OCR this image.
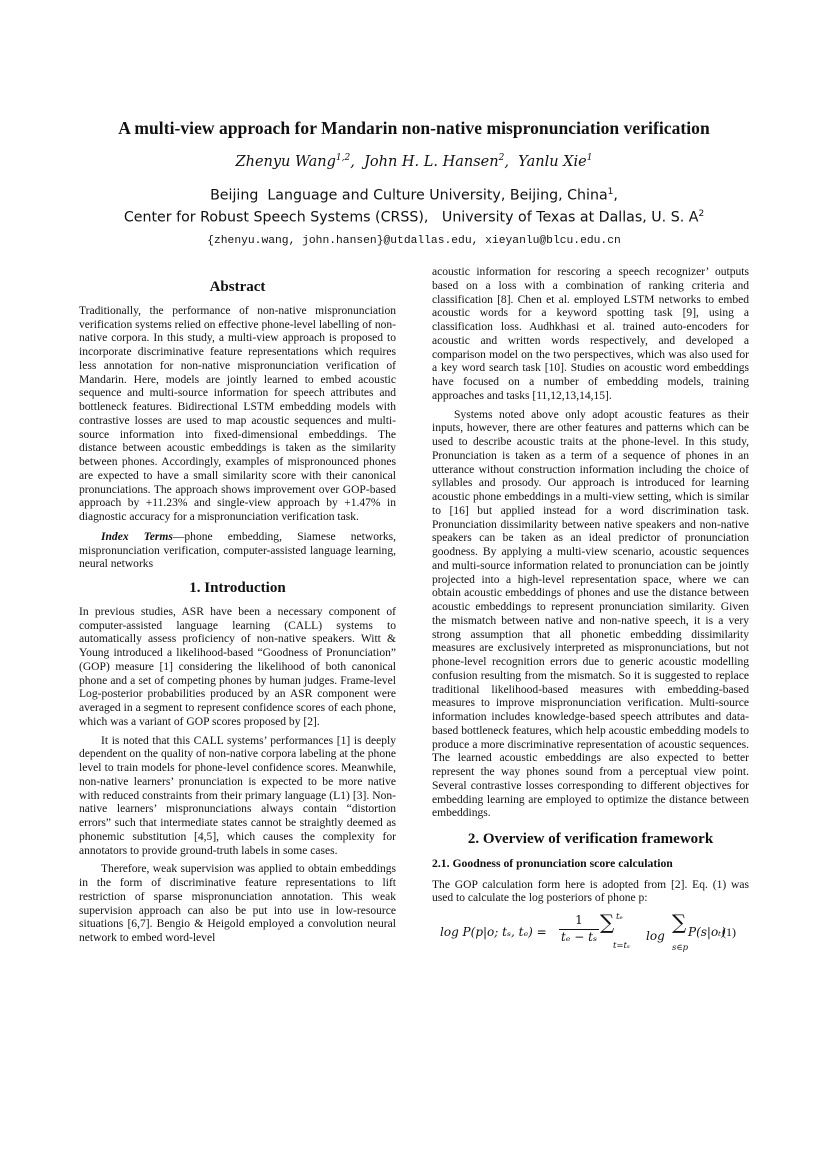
A multi-view approach for Mandarin non-native mispronunciation verification
Zhenyu Wang$^{1,2}$,  John H. L. Hansen$^2$,  Yanlu Xie$^1$
Beijing  Language and Culture University, Beijing, China$^1$,
Center for Robust Speech Systems (CRSS),   University of Texas at Dallas, U. S. $A^2$
{zhenyu.wang, john.hansen}@utdallas.edu, xieyanlu@blcu.edu.cn
Abstract

Traditionally, the performance of non-native mispronunciation verification systems relied on effective phone-level labelling of non-native corpora. In this study, a multi-view approach is proposed to incorporate discriminative feature representations which requires less annotation for non-native mispronunciation verification of Mandarin. Here, models are jointly learned to embed acoustic sequence and multi-source information for speech attributes and bottleneck features. Bidirectional LSTM embedding models with contrastive losses are used to map acoustic sequences and multi-source information into fixed-dimensional embeddings. The distance between acoustic embeddings is taken as the similarity between phones. Accordingly, examples of mispronounced phones are expected to have a small similarity score with their canonical pronunciations. The approach shows improvement over GOP-based approach by +11.23% and single-view approach by +1.47% in diagnostic accuracy for a mispronunciation verification task.

Index Terms—phone embedding, Siamese networks, mispronunciation verification, computer-assisted language learning, neural networks

1. Introduction

In previous studies, ASR have been a necessary component of computer-assisted language learning (CALL) systems to automatically assess proficiency of non-native speakers. Witt & Young introduced a likelihood-based “Goodness of Pronunciation” (GOP) measure [1] considering the likelihood of both canonical phone and a set of competing phones by human judges. Frame-level Log-posterior probabilities produced by an ASR component were averaged in a segment to represent confidence scores of each phone, which was a variant of GOP scores proposed by [2].

It is noted that this CALL systems’ performances [1] is deeply dependent on the quality of non-native corpora labeling at the phone level to train models for phone-level confidence scores. Meanwhile, non-native learners’ pronunciation is expected to be more native with reduced constraints from their primary language (L1) [3]. Non-native learners’ mispronunciations always contain “distortion errors” such that intermediate states cannot be straightly deemed as phonemic substitution [4,5], which causes the complexity for annotators to provide ground-truth labels in some cases.

Therefore, weak supervision was applied to obtain embeddings in the form of discriminative feature representations to lift restriction of sparse mispronunciation annotation. This weak supervision approach can also be put into use in low-resource situations [6,7]. Bengio & Heigold employed a convolution neural network to embed word-level

acoustic information for rescoring a speech recognizer’ outputs based on a loss with a combination of ranking criteria and classification [8]. Chen et al. employed LSTM networks to embed acoustic words for a keyword spotting task [9], using a classification loss. Audhkhasi et al. trained auto-encoders for acoustic and written words respectively, and developed a comparison model on the two perspectives, which was also used for a key word search task [10]. Studies on acoustic word embeddings have focused on a number of embedding models, training approaches and tasks [11,12,13,14,15].

Systems noted above only adopt acoustic features as their inputs, however, there are other features and patterns which can be used to describe acoustic traits at the phone-level. In this study, Pronunciation is taken as a term of a sequence of phones in an utterance without construction information including the choice of syllables and prosody. Our approach is introduced for learning acoustic phone embeddings in a multi-view setting, which is similar to [16] but applied instead for a word discrimination task. Pronunciation dissimilarity between native speakers and non-native speakers can be taken as an ideal predictor of pronunciation goodness. By applying a multi-view scenario, acoustic sequences and multi-source information related to pronunciation can be jointly projected into a high-level representation space, where we can obtain acoustic embeddings of phones and use the distance between acoustic embeddings to represent pronunciation similarity. Given the mismatch between native and non-native speech, it is a very strong assumption that all phonetic embedding dissimilarity measures are exclusively interpreted as mispronunciations, but not phone-level recognition errors due to generic acoustic modelling confusion resulting from the mismatch. So it is suggested to replace traditional likelihood-based measures with embedding-based measures to improve mispronunciation verification. Multi-source information includes knowledge-based speech attributes and data-based bottleneck features, which help acoustic embedding models to produce a more discriminative representation of acoustic sequences. The learned acoustic embeddings are also expected to better represent the way phones sound from a perceptual view point. Several contrastive losses corresponding to different objectives for embedding learning are employed to optimize the distance between embeddings.

2. Overview of verification framework
2.1. Goodness of pronunciation score calculation

The GOP calculation form here is adopted from [2]. Eq. (1) was used to calculate the log posteriors of phone p:

log P(p|o; tₛ, tₑ) =
1
tₑ − tₛ
∑ tₑ
t=tₛ
log
∑
s∈p
P(s|oₜ)
(1)
